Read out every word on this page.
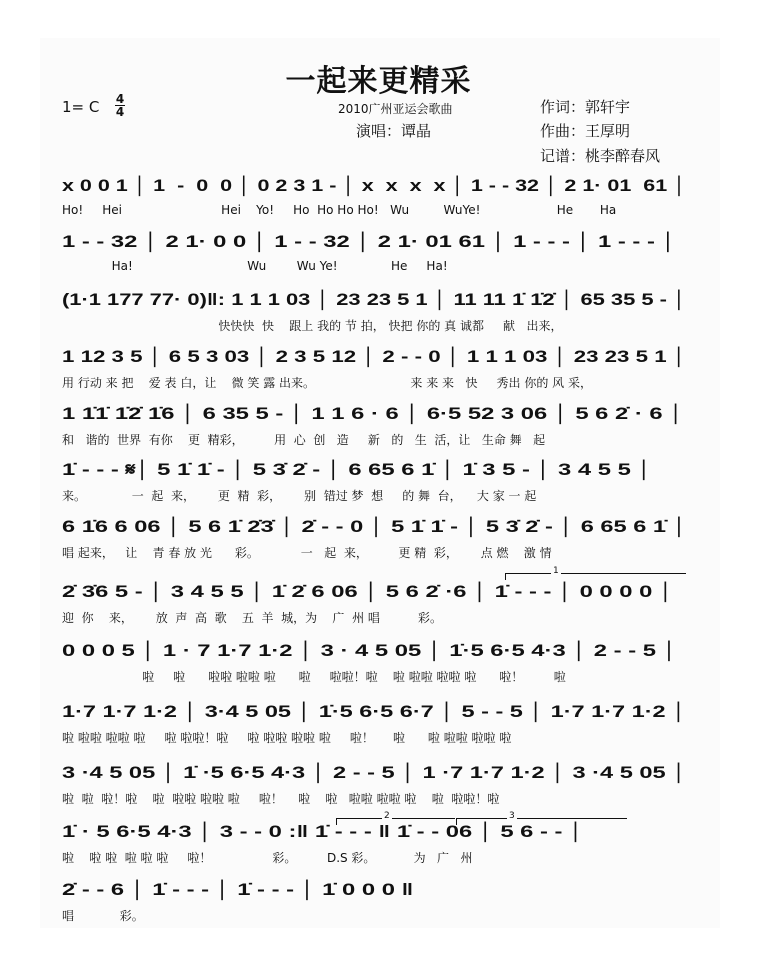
一起来更精采
1= C 4
4	2010广州亚运会歌曲
演唱：谭晶
作词：郭轩宇
作曲：王厚明
记谱：桃李醉春风
x 0 0 1 │ 1  -  0  0 │ 0 2 3 1 - │ x  x  x  x │ 1 - - 32 │ 2 1· 01  61 │
Ho!     Hei                          Hei    Yo!     Ho  Ho Ho Ho!   Wu         WuYe!                    He       Ha
1 - - 32 │ 2 1· 0 0 │ 1 - - 32 │ 2 1· 01 61 │ 1 - - - │ 1 - - - │
Ha!                              Wu        Wu Ye!              He     Ha!
(1·1 177 77· 0)‖: 1 1 1 03 │ 23 23 5 1 │ 11 11 1̇ 1̇2̇ │ 65 35 5 - │
快快快  快    跟上 我的 节 拍， 快把 你的 真 诚都     献   出来，
1 12 3 5 │ 6 5 3 03 │ 2 3 5 12 │ 2 - - 0 │ 1 1 1 03 │ 23 23 5 1 │
用 行动 来 把    爱 表 白，让    微 笑 露 出来。                         来 来 来   快     秀出 你的 风 采，
1 1̇1̇ 1̇2̇ 1̇6 │ 6 35 5 - │ 1 1 6 · 6 │ 6·5 52 3 06 │ 5 6 2̇ · 6 │
和   谐的  世界  有你    更  精彩，        用  心  创   造     新   的   生  活，让   生命 舞   起
1̇ - - - 𝄋│ 5 1̇ 1̇ - │ 5 3̇ 2̇ - │ 6 65 6 1̇ │ 1̇ 3 5 - │ 3 4 5 5 │
来。            一  起  来，      更  精  彩，      别  错过 梦  想     的 舞  台，    大 家 一 起
6 1̇6 6 06 │ 5 6 1̇ 2̇3̇ │ 2̇ - - 0 │ 5 1̇ 1̇ - │ 5 3̇ 2̇ - │ 6 65 6 1̇ │
唱 起来，   让    青 春 放 光      彩。           一   起  来，        更 精  彩，      点 燃    激 情
2̇ 3̇6 5 - │ 3 4 5 5 │ 1̇ 2̇ 6 06 │ 5 6 2̇ ·6 │ 1̇ - - - │ 0 0 0 0 │
迎  你    来，      放  声  高  歌    五  羊  城，为    广  州 唱          彩。
0 0 0 5 │ 1 · 7 1·7 1·2 │ 3 · 4 5 05 │ 1̇·5 6·5 4·3 │ 2 - - 5 │
啦     啦      啦啦 啦啦 啦      啦     啦啦！啦    啦 啦啦 啦啦 啦      啦！        啦
1·7 1·7 1·2 │ 3·4 5 05 │ 1̇·5 6·5 6·7 │ 5 - - 5 │ 1·7 1·7 1·2 │
啦 啦啦 啦啦 啦     啦 啦啦！啦     啦 啦啦 啦啦 啦     啦！     啦      啦 啦啦 啦啦 啦
3 ·4 5 05 │ 1̇ ·5 6·5 4·3 │ 2 - - 5 │ 1 ·7 1·7 1·2 │ 3 ·4 5 05 │
啦  啦  啦！啦    啦  啦啦 啦啦 啦     啦！    啦    啦   啦啦 啦啦 啦    啦  啦啦！啦
1̇ · 5 6·5 4·3 │ 3 - - 0 :‖ 1̇ - - - ‖ 1̇ - - 06 │ 5 6 - - │
啦    啦 啦  啦 啦 啦     啦！                彩。        D.S 彩。          为   广   州
2̇ - - 6 │ 1̇ - - - │ 1̇ - - - │ 1̇ 0 0 0 ‖
唱            彩。
1
2	3
